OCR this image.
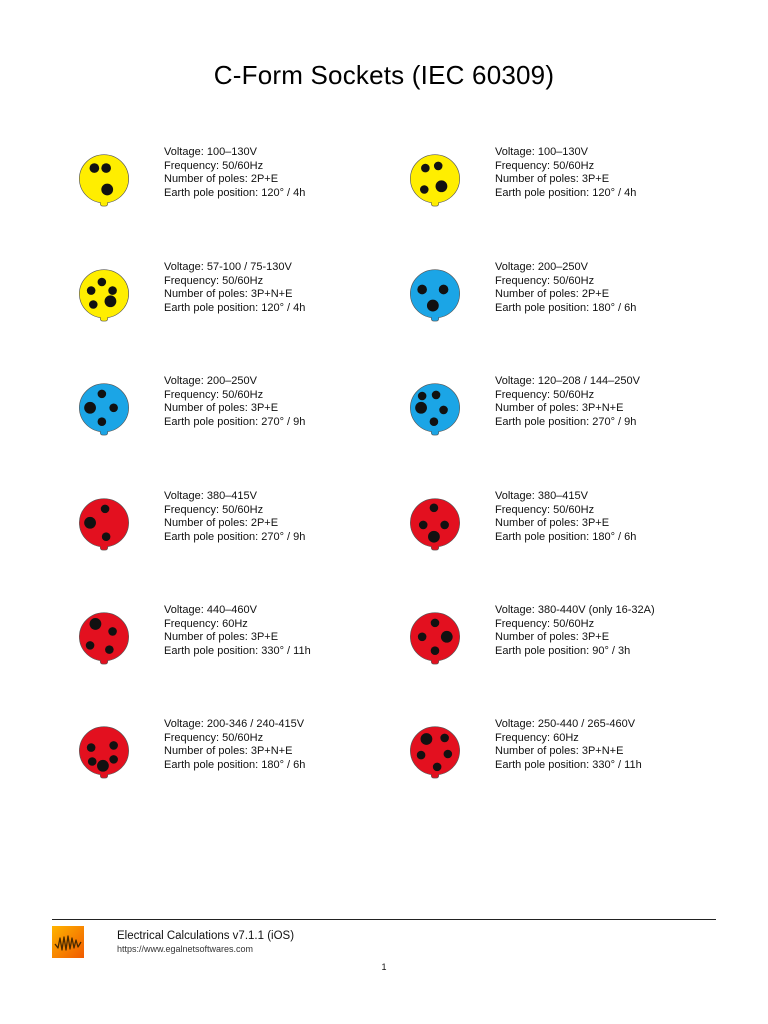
C-Form Sockets (IEC 60309)
Voltage: 100–130V
Frequency: 50/60Hz
Number of poles: 2P+E
Earth pole position: 120° / 4h
Voltage: 100–130V
Frequency: 50/60Hz
Number of poles: 3P+E
Earth pole position: 120° / 4h
Voltage: 57-100 / 75-130V
Frequency: 50/60Hz
Number of poles: 3P+N+E
Earth pole position: 120° / 4h
Voltage: 200–250V
Frequency: 50/60Hz
Number of poles: 2P+E
Earth pole position: 180° / 6h
Voltage: 200–250V
Frequency: 50/60Hz
Number of poles: 3P+E
Earth pole position: 270° / 9h
Voltage: 120–208 / 144–250V
Frequency: 50/60Hz
Number of poles: 3P+N+E
Earth pole position: 270° / 9h
Voltage: 380–415V
Frequency: 50/60Hz
Number of poles: 2P+E
Earth pole position: 270° / 9h
Voltage: 380–415V
Frequency: 50/60Hz
Number of poles: 3P+E
Earth pole position: 180° / 6h
Voltage: 440–460V
Frequency: 60Hz
Number of poles: 3P+E
Earth pole position: 330° / 11h
Voltage: 380-440V (only 16-32A)
Frequency: 50/60Hz
Number of poles: 3P+E
Earth pole position: 90° / 3h
Voltage: 200-346 / 240-415V
Frequency: 50/60Hz
Number of poles: 3P+N+E
Earth pole position: 180° / 6h
Voltage: 250-440 / 265-460V
Frequency: 60Hz
Number of poles: 3P+N+E
Earth pole position: 330° / 11h
Electrical Calculations v7.1.1 (iOS)
https://www.egalnetsoftwares.com
1
